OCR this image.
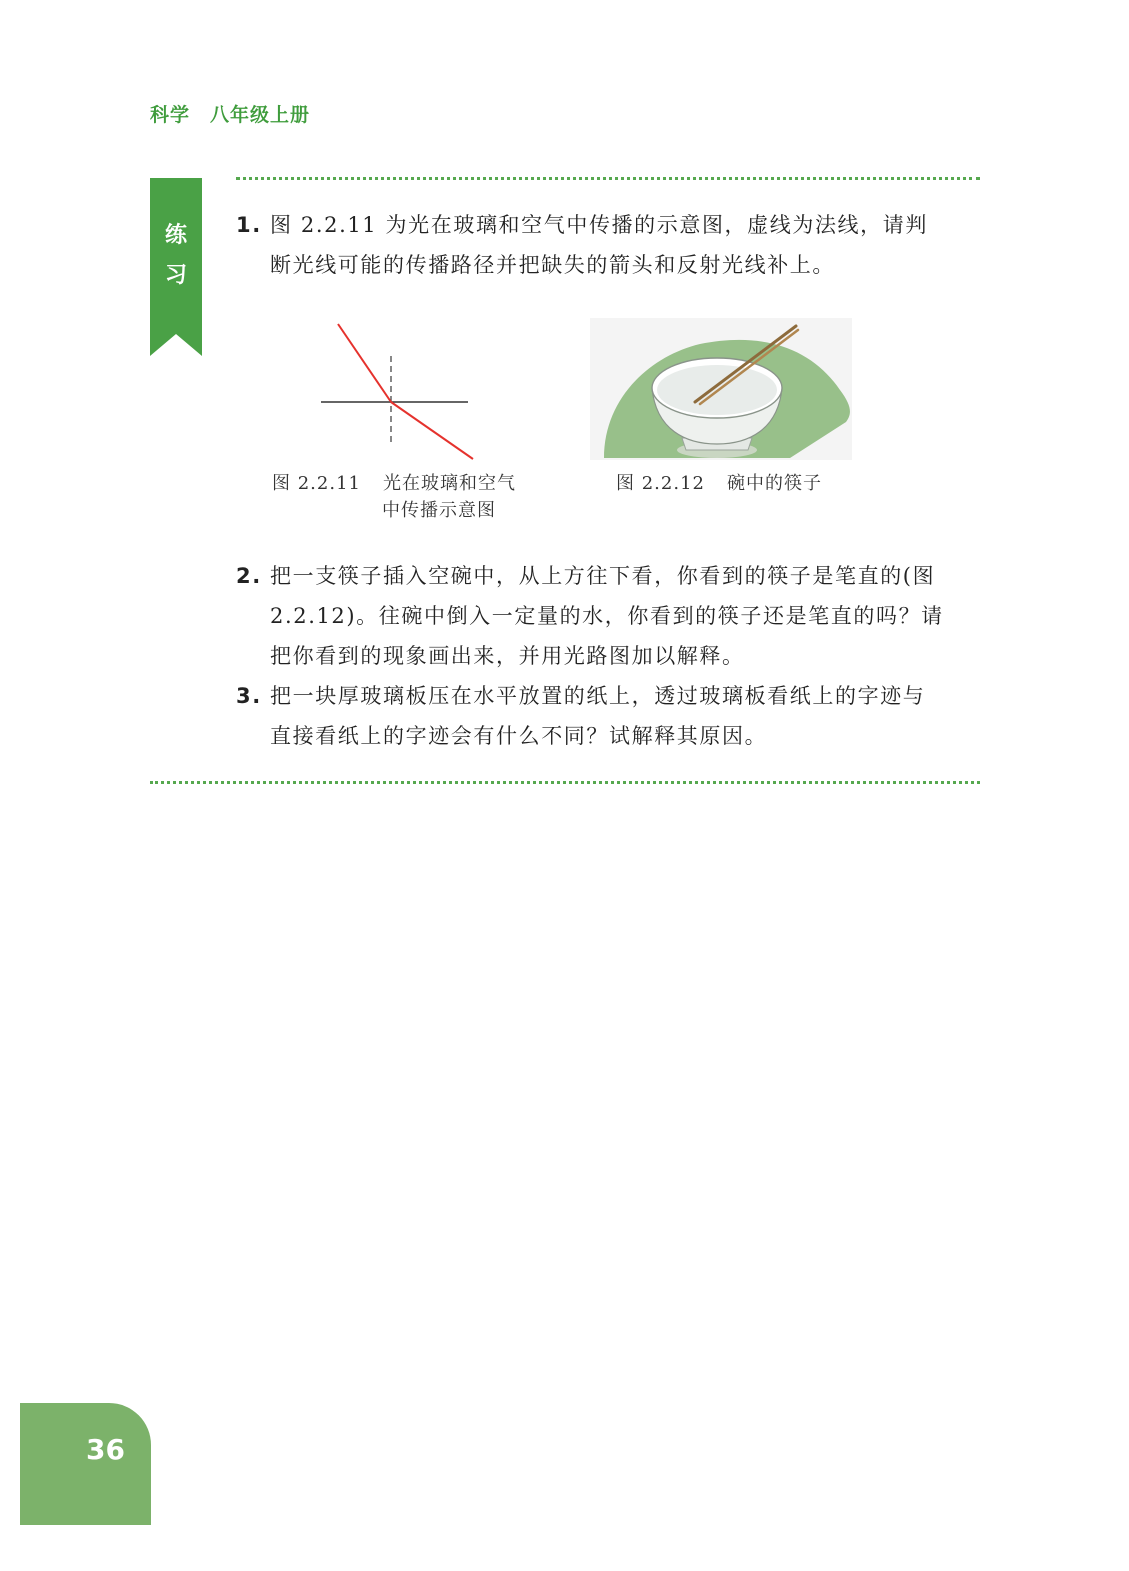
科学 八年级上册
练
习
1. 图 2.2.11 为光在玻璃和空气中传播的示意图，虚线为法线，请判断光线可能的传播路径并把缺失的箭头和反射光线补上。
图 2.2.11 光在玻璃和空气
中传播示意图
图 2.2.12 碗中的筷子
2. 把一支筷子插入空碗中，从上方往下看，你看到的筷子是笔直的(图 2.2.12)。往碗中倒入一定量的水，你看到的筷子还是笔直的吗？请把你看到的现象画出来，并用光路图加以解释。
3. 把一块厚玻璃板压在水平放置的纸上，透过玻璃板看纸上的字迹与直接看纸上的字迹会有什么不同？试解释其原因。
36
